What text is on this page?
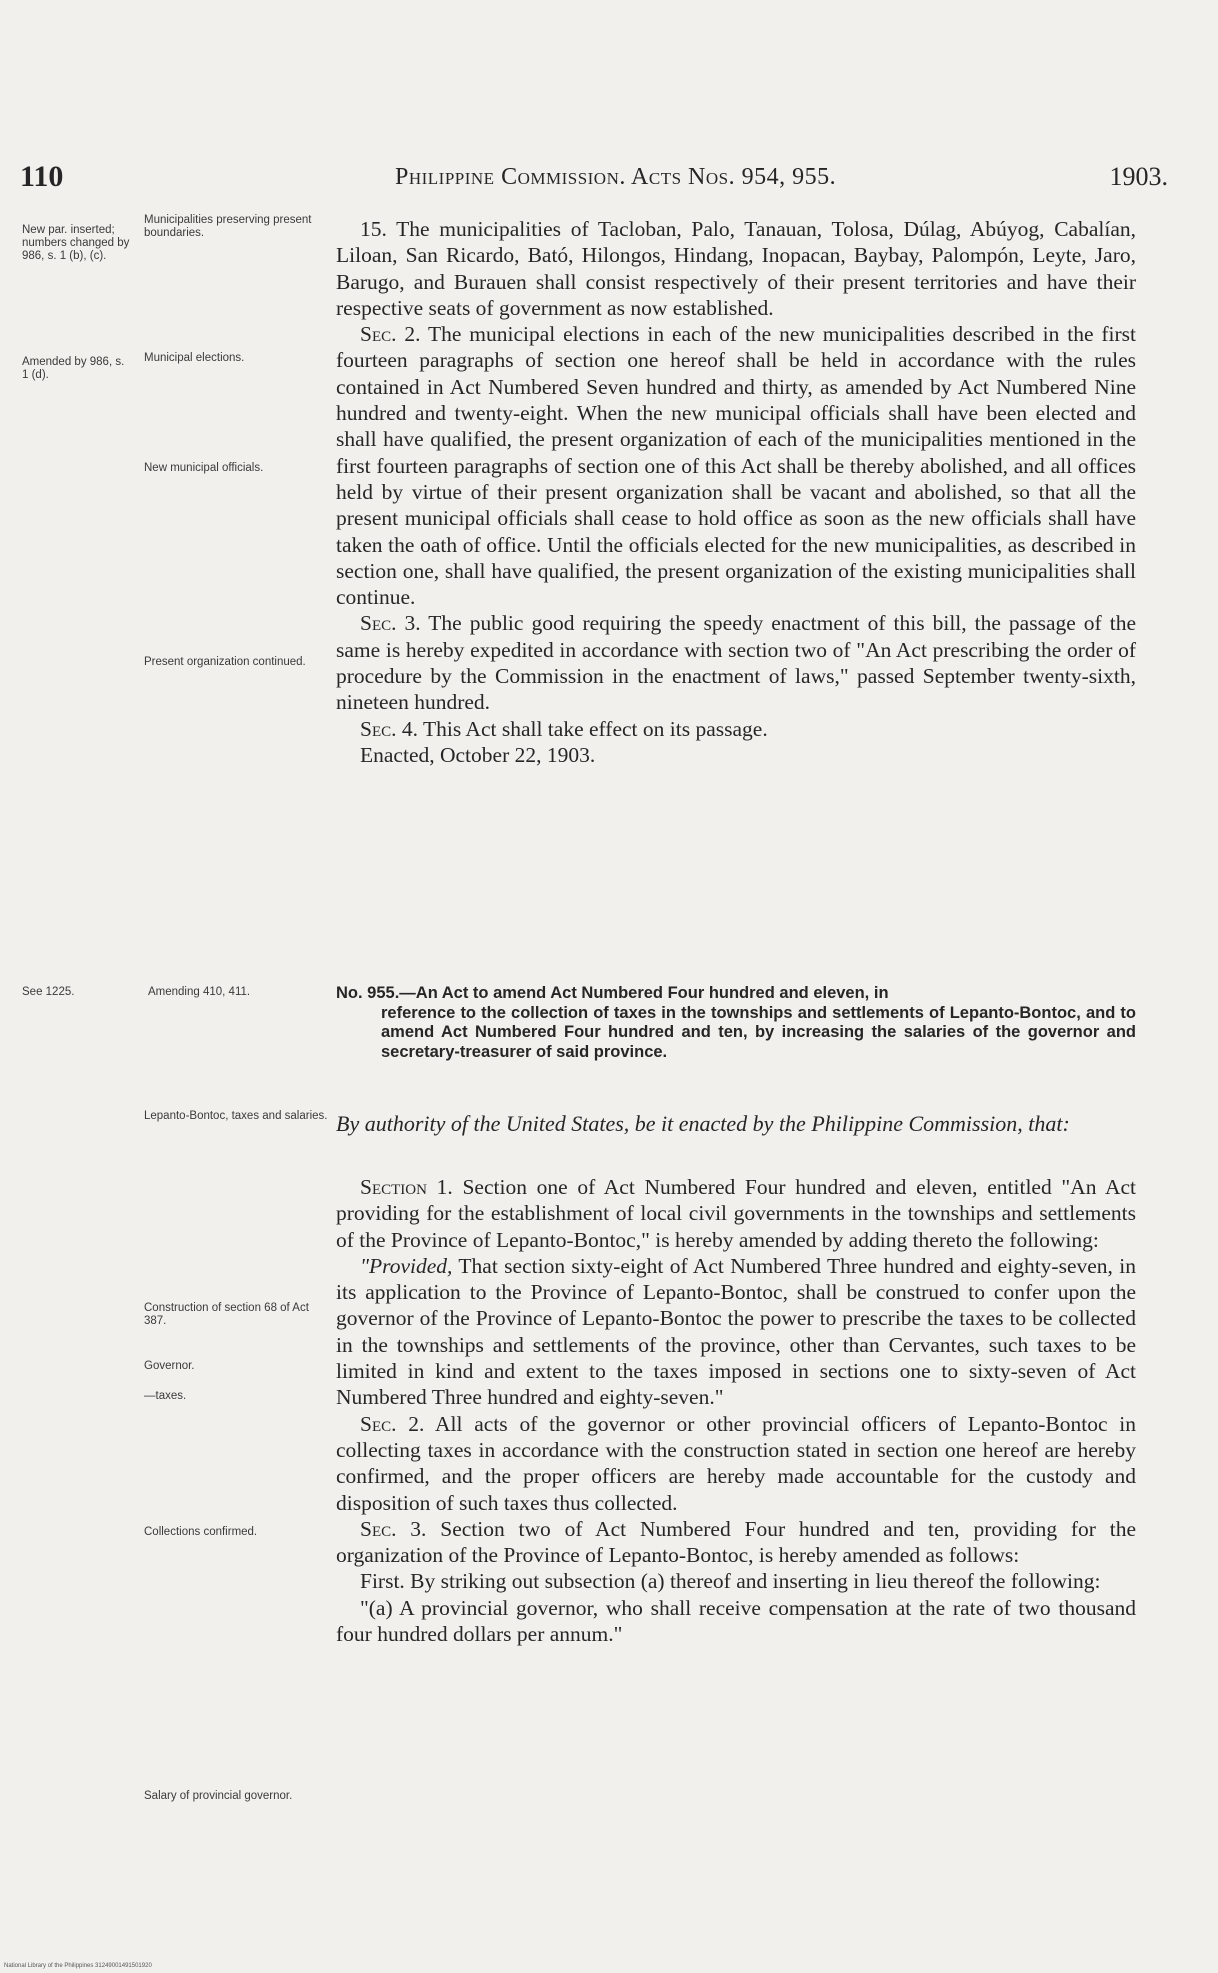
110	Philippine Commission. Acts Nos. 954, 955.	1903.
New par. inserted; numbers changed by 986, s. 1 (b), (c).
Municipalities preserving present boundaries.
Amended by 986, s. 1 (d).
Municipal elections.
New municipal officials.
Present organization continued.
See 1225.	Amending 410, 411.
Lepanto-Bontoc, taxes and salaries.
Construction of section 68 of Act 387.
Governor.
—taxes.
Collections confirmed.
Salary of provincial governor.

15. The municipalities of Tacloban, Palo, Tanauan, Tolosa, Dúlag, Abúyog, Cabalían, Liloan, San Ricardo, Bató, Hilongos, Hindang, Inopacan, Baybay, Palompón, Leyte, Jaro, Barugo, and Burauen shall consist respectively of their present territories and have their respective seats of government as now established.

Sec. 2. The municipal elections in each of the new municipalities described in the first fourteen paragraphs of section one hereof shall be held in accordance with the rules contained in Act Numbered Seven hundred and thirty, as amended by Act Numbered Nine hundred and twenty-eight. When the new municipal officials shall have been elected and shall have qualified, the present organization of each of the municipalities mentioned in the first fourteen paragraphs of section one of this Act shall be thereby abolished, and all offices held by virtue of their present organization shall be vacant and abolished, so that all the present municipal officials shall cease to hold office as soon as the new officials shall have taken the oath of office. Until the officials elected for the new municipalities, as described in section one, shall have qualified, the present organization of the existing municipalities shall continue.

Sec. 3. The public good requiring the speedy enactment of this bill, the passage of the same is hereby expedited in accordance with section two of "An Act prescribing the order of procedure by the Commission in the enactment of laws," passed September twenty-sixth, nineteen hundred.

Sec. 4. This Act shall take effect on its passage.

Enacted, October 22, 1903.

No. 955.—An Act to amend Act Numbered Four hundred and eleven, in
reference to the collection of taxes in the townships and settlements of Lepanto-Bontoc, and to amend Act Numbered Four hundred and ten, by increasing the salaries of the governor and secretary-treasurer of said province.
By authority of the United States, be it enacted by the Philippine Commission, that:

Section 1. Section one of Act Numbered Four hundred and eleven, entitled "An Act providing for the establishment of local civil governments in the townships and settlements of the Province of Lepanto-Bontoc," is hereby amended by adding thereto the following:

"Provided, That section sixty-eight of Act Numbered Three hundred and eighty-seven, in its application to the Province of Lepanto-Bontoc, shall be construed to confer upon the governor of the Province of Lepanto-Bontoc the power to prescribe the taxes to be collected in the townships and settlements of the province, other than Cervantes, such taxes to be limited in kind and extent to the taxes imposed in sections one to sixty-seven of Act Numbered Three hundred and eighty-seven."

Sec. 2. All acts of the governor or other provincial officers of Lepanto-Bontoc in collecting taxes in accordance with the construction stated in section one hereof are hereby confirmed, and the proper officers are hereby made accountable for the custody and disposition of such taxes thus collected.

Sec. 3. Section two of Act Numbered Four hundred and ten, providing for the organization of the Province of Lepanto-Bontoc, is hereby amended as follows:

First. By striking out subsection (a) thereof and inserting in lieu thereof the following:

"(a) A provincial governor, who shall receive compensation at the rate of two thousand four hundred dollars per annum."

National Library of the Philippines 31249001491501920
